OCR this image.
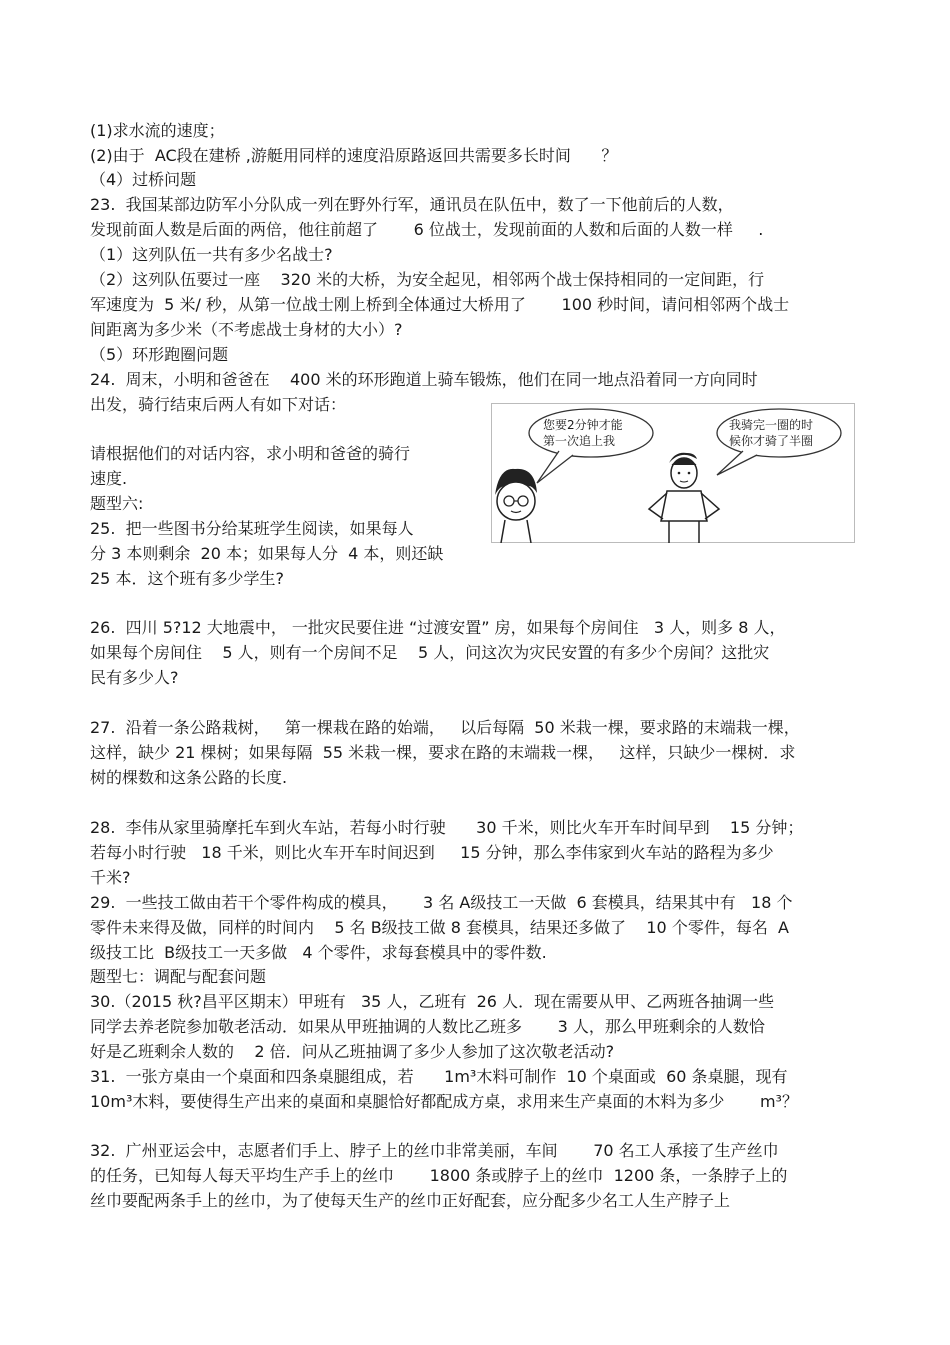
(1)求水流的速度；
(2)由于  AC段在建桥 ,游艇用同样的速度沿原路返回共需要多长时间      ？
（4）过桥问题
23.  我国某部边防军小分队成一列在野外行军，通讯员在队伍中，数了一下他前后的人数，
发现前面人数是后面的两倍，他往前超了       6 位战士，发现前面的人数和后面的人数一样     .
（1）这列队伍一共有多少名战士?
（2）这列队伍要过一座    320 米的大桥，为安全起见，相邻两个战士保持相同的一定间距，行
军速度为  5 米/ 秒，从第一位战士刚上桥到全体通过大桥用了       100 秒时间，请问相邻两个战士
间距离为多少米（不考虑战士身材的大小）?
（5）环形跑圈问题
24.  周末，小明和爸爸在    400 米的环形跑道上骑车锻炼，他们在同一地点沿着同一方向同时
出发，骑行结束后两人有如下对话：
请根据他们的对话内容，求小明和爸爸的骑行
速度.
题型六:
25.  把一些图书分给某班学生阅读，如果每人
分 3 本则剩余  20 本；如果每人分  4 本，则还缺
25 本．这个班有多少学生?
26.  四川 5?12 大地震中， 一批灾民要住进 “过渡安置” 房，如果每个房间住   3 人，则多 8 人，
如果每个房间住    5 人，则有一个房间不足    5 人，问这次为灾民安置的有多少个房间？这批灾
民有多少人?
27.  沿着一条公路栽树，   第一棵栽在路的始端，   以后每隔  50 米栽一棵，要求路的末端栽一棵，
这样，缺少 21 棵树；如果每隔  55 米栽一棵，要求在路的末端栽一棵，   这样，只缺少一棵树．求
树的棵数和这条公路的长度.
28.  李伟从家里骑摩托车到火车站，若每小时行驶      30 千米，则比火车开车时间早到    15 分钟；
若每小时行驶   18 千米，则比火车开车时间迟到     15 分钟，那么李伟家到火车站的路程为多少
千米?
29.  一些技工做由若干个零件构成的模具，     3 名 A级技工一天做  6 套模具，结果其中有   18 个
零件未来得及做，同样的时间内    5 名 B级技工做 8 套模具，结果还多做了    10 个零件，每名  A
级技工比  B级技工一天多做   4 个零件，求每套模具中的零件数.
题型七：调配与配套问题
30.（2015 秋?昌平区期末）甲班有   35 人，乙班有  26 人．现在需要从甲、乙两班各抽调一些
同学去养老院参加敬老活动．如果从甲班抽调的人数比乙班多       3 人，那么甲班剩余的人数恰
好是乙班剩余人数的    2 倍．问从乙班抽调了多少人参加了这次敬老活动?
31.  一张方桌由一个桌面和四条桌腿组成，若      1m³木料可制作  10 个桌面或  60 条桌腿，现有
10m³木料，要使得生产出来的桌面和桌腿恰好都配成方桌，求用来生产桌面的木料为多少       m³？
32.  广州亚运会中，志愿者们手上、脖子上的丝巾非常美丽，车间       70 名工人承接了生产丝巾
的任务，已知每人每天平均生产手上的丝巾       1800 条或脖子上的丝巾  1200 条，一条脖子上的
丝巾要配两条手上的丝巾，为了使每天生产的丝巾正好配套，应分配多少名工人生产脖子上
您要2分钟才能
第一次追上我
我骑完一圈的时
候你才骑了半圈
